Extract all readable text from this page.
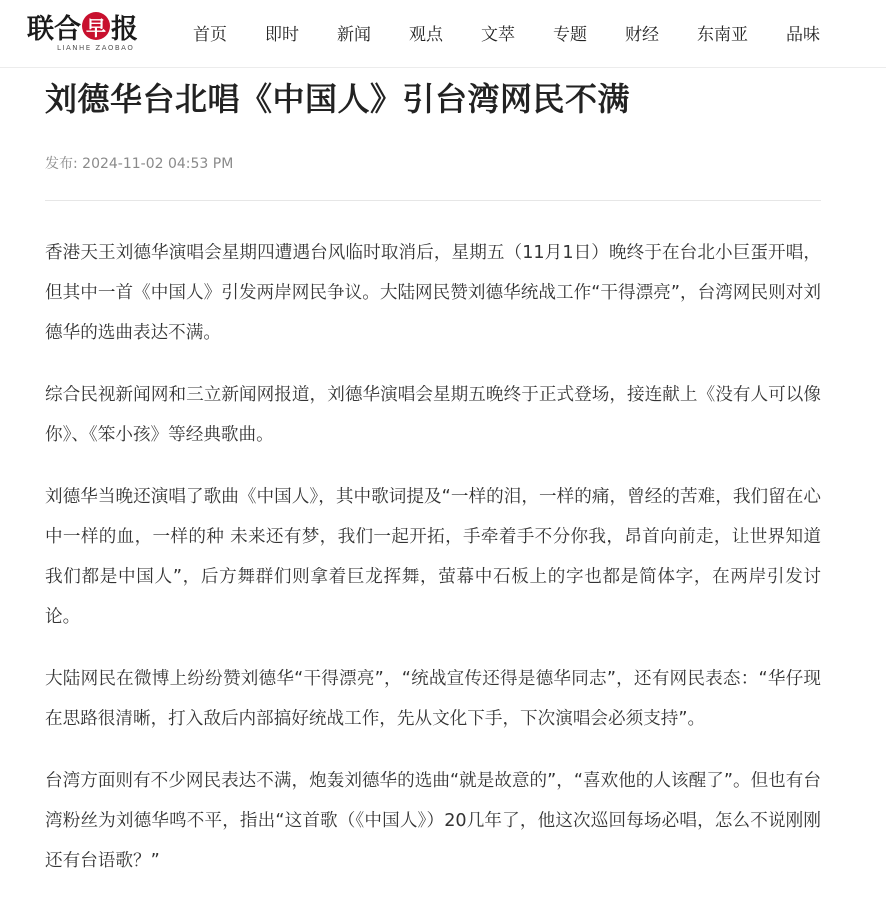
联合 早 报
LIANHE ZAOBAO
首页 即时 新闻 观点 文萃 专题 财经 东南亚 品味
刘德华台北唱《中国人》引台湾网民不满
发布: 2024-11-02 04:53 PM

香港天王刘德华演唱会星期四遭遇台风临时取消后，星期五（11月1日）晚终于在台北小巨蛋开唱，但其中一首《中国人》引发两岸网民争议。大陆网民赞刘德华统战工作“干得漂亮”，台湾网民则对刘德华的选曲表达不满。

综合民视新闻网和三立新闻网报道，刘德华演唱会星期五晚终于正式登场，接连献上《没有人可以像你》、《笨小孩》等经典歌曲。

刘德华当晚还演唱了歌曲《中国人》，其中歌词提及“一样的泪，一样的痛，曾经的苦难，我们留在心中一样的血，一样的种 未来还有梦，我们一起开拓，手牵着手不分你我，昂首向前走，让世界知道我们都是中国人”，后方舞群们则拿着巨龙挥舞，萤幕中石板上的字也都是简体字，在两岸引发讨论。

大陆网民在微博上纷纷赞刘德华“干得漂亮”，“统战宣传还得是德华同志”，还有网民表态：“华仔现在思路很清晰，打入敌后内部搞好统战工作，先从文化下手，下次演唱会必须支持”。

台湾方面则有不少网民表达不满，炮轰刘德华的选曲“就是故意的”，“喜欢他的人该醒了”。但也有台湾粉丝为刘德华鸣不平，指出“这首歌（《中国人》）20几年了，他这次巡回每场必唱，怎么不说刚刚还有台语歌？”
